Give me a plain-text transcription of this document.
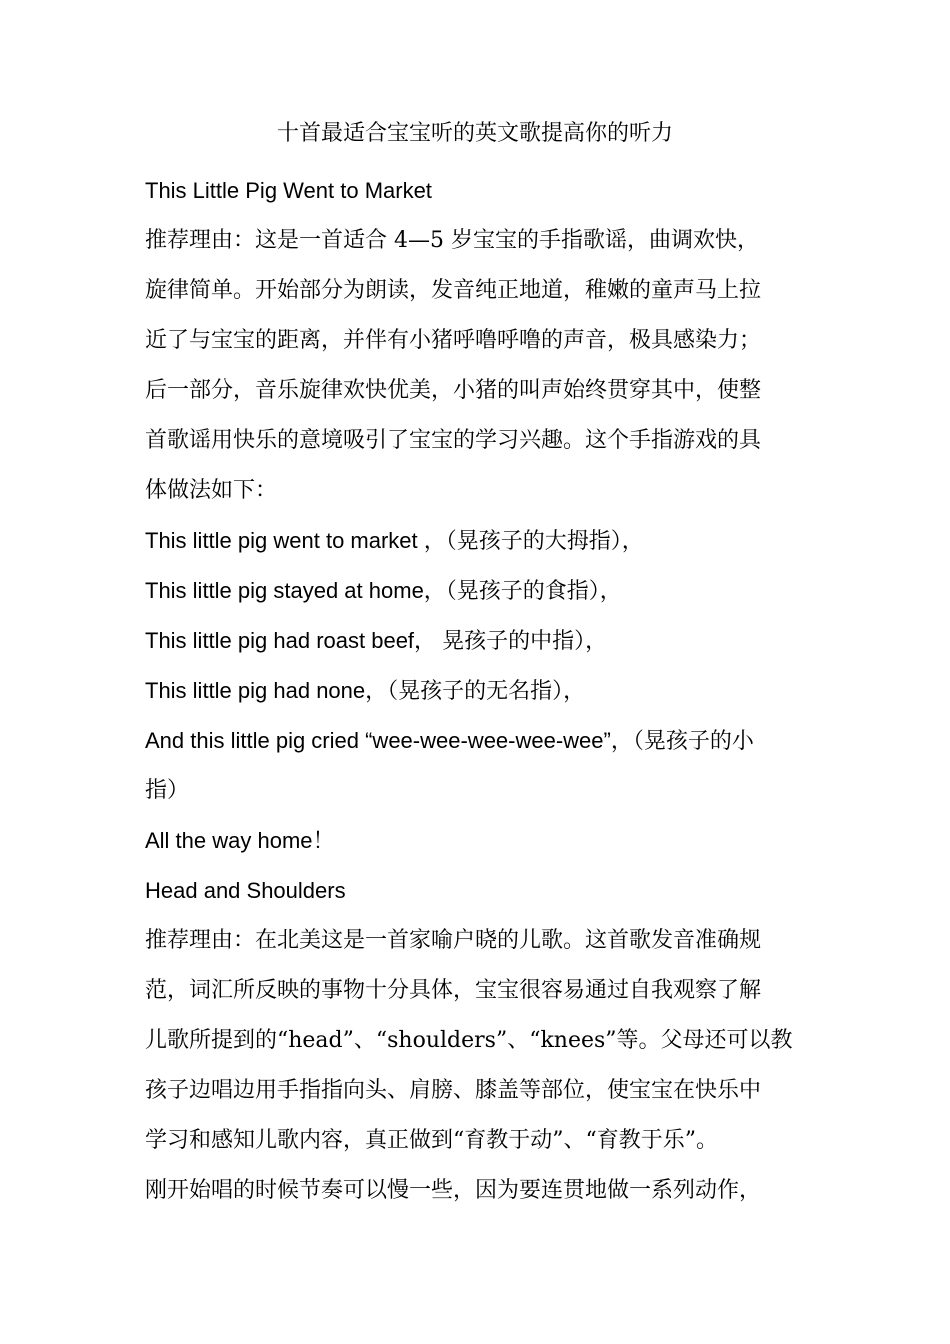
十首最适合宝宝听的英文歌提高你的听力
This Little Pig Went to Market
推荐理由：这是一首适合 4—5 岁宝宝的手指歌谣，曲调欢快，
旋律简单。开始部分为朗读，发音纯正地道，稚嫩的童声马上拉
近了与宝宝的距离，并伴有小猪呼噜呼噜的声音，极具感染力；
后一部分，音乐旋律欢快优美，小猪的叫声始终贯穿其中，使整
首歌谣用快乐的意境吸引了宝宝的学习兴趣。这个手指游戏的具
体做法如下：
This little pig went to market ，（晃孩子的大拇指），
This little pig stayed at home，（晃孩子的食指），
This little pig had roast beef， 晃孩子的中指），
This little pig had none，（晃孩子的无名指），
And this little pig cried “wee-wee-wee-wee-wee”，（晃孩子的小
指）
All the way home！
Head and Shoulders
推荐理由：在北美这是一首家喻户晓的儿歌。这首歌发音准确规
范，词汇所反映的事物十分具体，宝宝很容易通过自我观察了解
儿歌所提到的“head”、“shoulders”、“knees”等。父母还可以教
孩子边唱边用手指指向头、肩膀、膝盖等部位，使宝宝在快乐中
学习和感知儿歌内容，真正做到“育教于动”、“育教于乐”。
刚开始唱的时候节奏可以慢一些，因为要连贯地做一系列动作，
